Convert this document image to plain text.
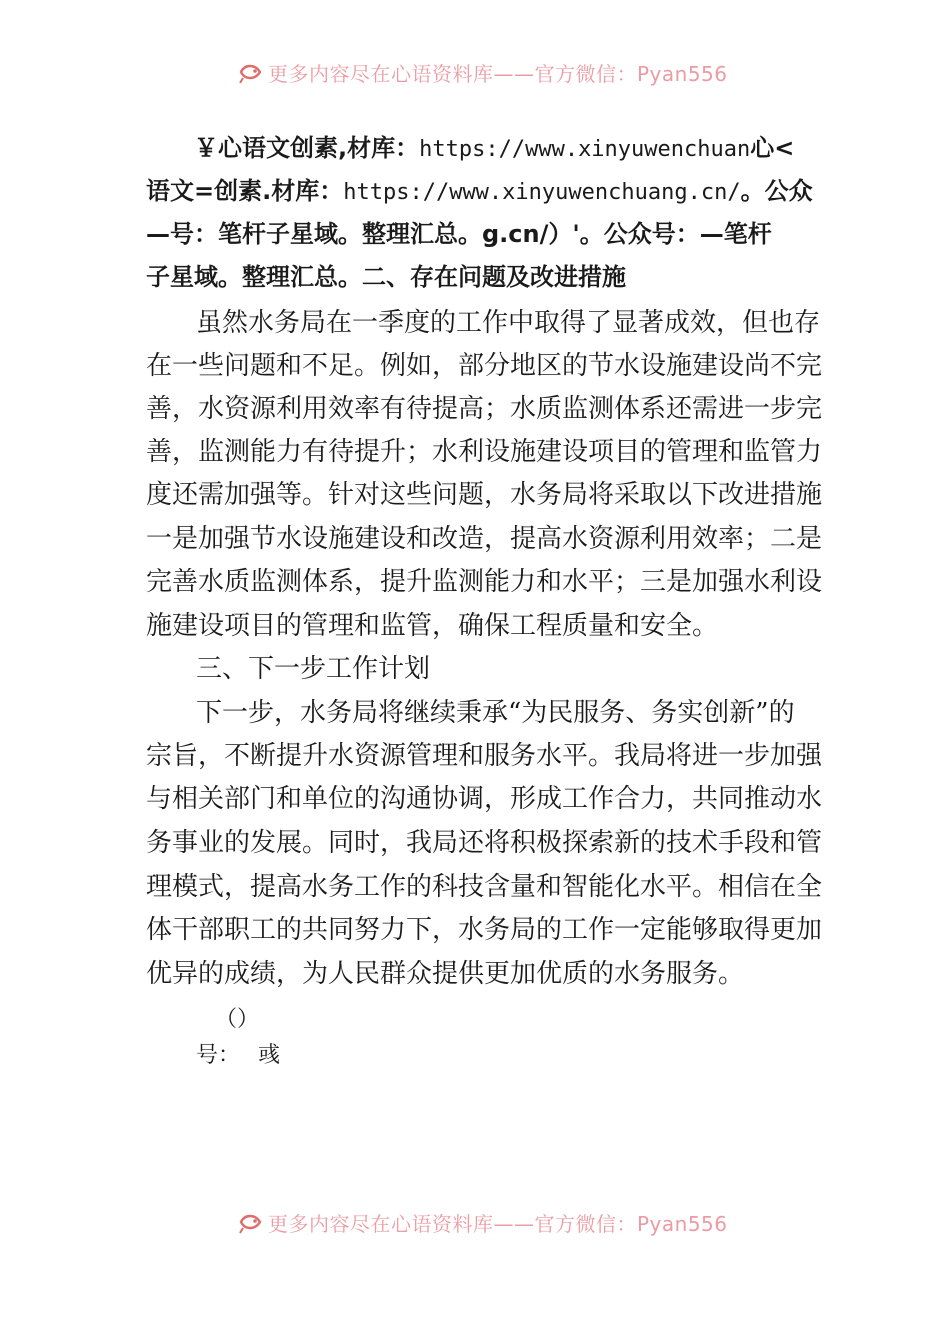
更多内容尽在心语资料库——官方微信：Pyan556
￥心语文创素,材库：https://www.xinyuwenchuan心<
语文=创素.材库：https://www.xinyuwenchuang.cn/。公众
—号：笔杆子星域。整理汇总。g.cn/）'。公众号：—笔杆
子星域。整理汇总。二、存在问题及改进措施
虽然水务局在一季度的工作中取得了显著成效，但也存
在一些问题和不足。例如，部分地区的节水设施建设尚不完
善，水资源利用效率有待提高；水质监测体系还需进一步完
善，监测能力有待提升；水利设施建设项目的管理和监管力
度还需加强等。针对这些问题，水务局将采取以下改进措施
一是加强节水设施建设和改造，提高水资源利用效率；二是
完善水质监测体系，提升监测能力和水平；三是加强水利设
施建设项目的管理和监管，确保工程质量和安全。
三、下一步工作计划
下一步，水务局将继续秉承“为民服务、务实创新”的
宗旨，不断提升水资源管理和服务水平。我局将进一步加强
与相关部门和单位的沟通协调，形成工作合力，共同推动水
务事业的发展。同时，我局还将积极探索新的技术手段和管
理模式，提高水务工作的科技含量和智能化水平。相信在全
体干部职工的共同努力下，水务局的工作一定能够取得更加
优异的成绩，为人民群众提供更加优质的水务服务。
（）
号： 彧
更多内容尽在心语资料库——官方微信：Pyan556
